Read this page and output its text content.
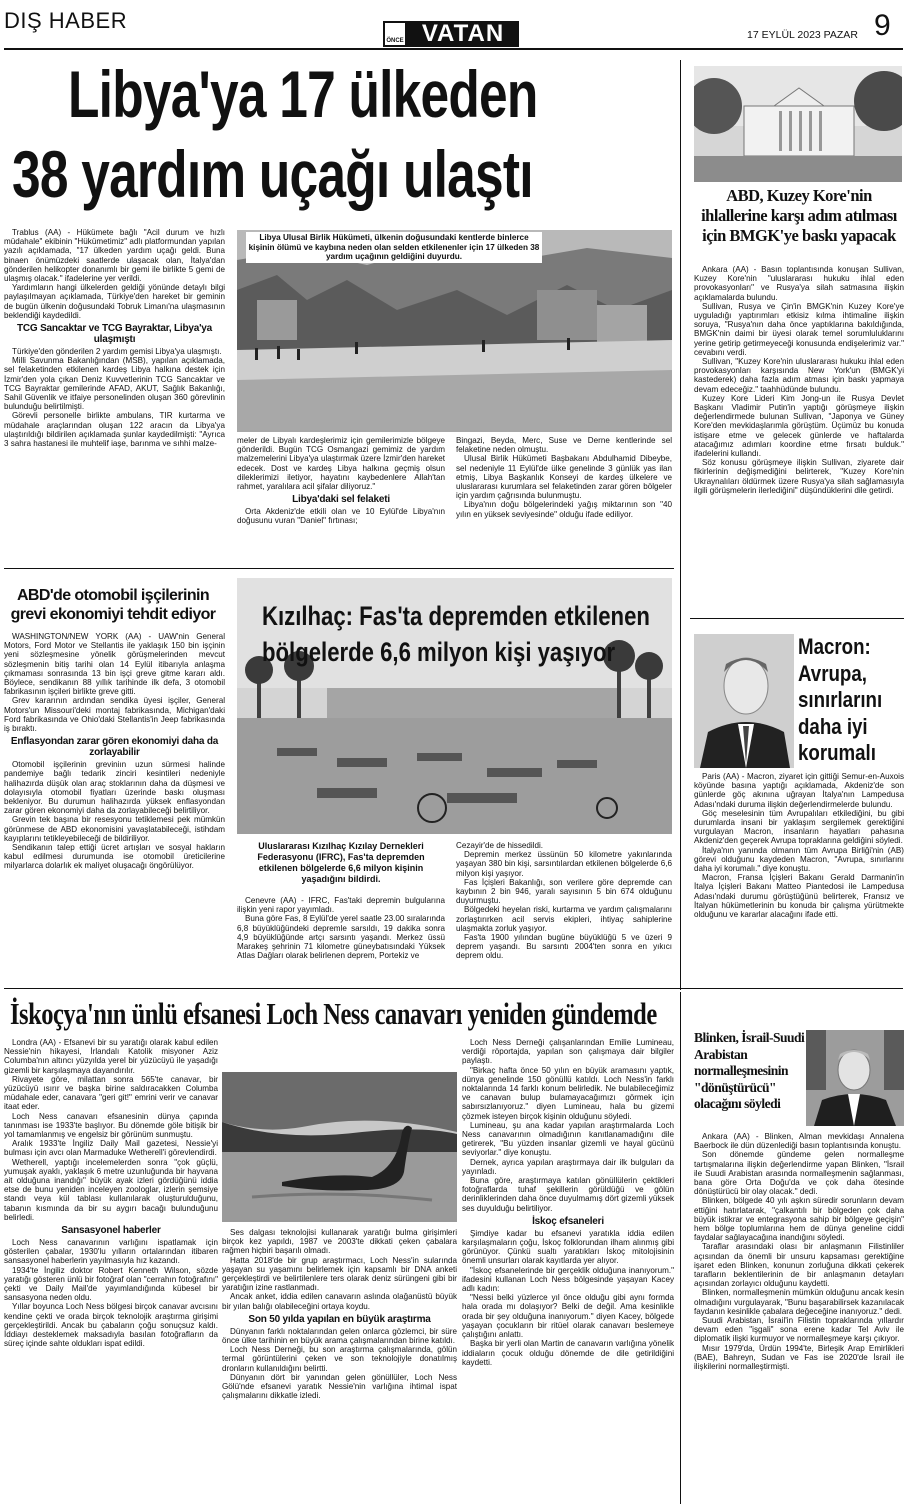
DIŞ HABER
ÖNCE VATAN	17 EYLÜL 2023 PAZAR 9
Libya'ya 17 ülkeden
38 yardım uçağı ulaştı

Trablus (AA) - Hükümete bağlı "Acil durum ve hızlı müdahale" ekibinin "Hükümetimiz" adlı platformundan yapılan yazılı açıklamada, "17 ülkeden yardım uçağı geldi. Buna binaen önümüzdeki saatlerde ulaşacak olan, İtalya'dan gönderilen helikopter donanımlı bir gemi ile birlikte 5 gemi de ulaşmış olacak." ifadelerine yer verildi.

Yardımların hangi ülkelerden geldiği yönünde detaylı bilgi paylaşılmayan açıklamada, Türkiye'den hareket bir geminin de bugün ülkenin doğusundaki Tobruk Limanı'na ulaşmasının beklendiği kaydedildi.

TCG Sancaktar ve TCG Bayraktar, Libya'ya ulaşmıştı

Türkiye'den gönderilen 2 yardım gemisi Libya'ya ulaşmıştı.

Milli Savunma Bakanlığından (MSB), yapılan açıklamada, sel felaketinden etkilenen kardeş Libya halkına destek için İzmir'den yola çıkan Deniz Kuvvetlerinin TCG Sancaktar ve TCG Bayraktar gemilerinde AFAD, AKUT, Sağlık Bakanlığı, Sahil Güvenlik ve itfaiye personelinden oluşan 360 görevlinin bulunduğu belirtilmişti.

Görevli personelle birlikte ambulans, TIR kurtarma ve müdahale araçlarından oluşan 122 aracın da Libya'ya ulaştırıldığı bildirilen açıklamada şunlar kaydedilmişti: "Ayrıca 3 sahra hastanesi ile muhtelif iaşe, barınma ve sıhhi malze-

Libya Ulusal Birlik Hükümeti, ülkenin doğusundaki kentlerde binlerce kişinin ölümü ve kaybına neden olan selden etkilenenler için 17 ülkeden 38 yardım uçağının geldiğini duyurdu.

meler de Libyalı kardeşlerimiz için gemilerimizle bölgeye gönderildi. Bugün TCG Osmangazi gemimiz de yardım malzemelerini Libya'ya ulaştırmak üzere İzmir'den hareket edecek. Dost ve kardeş Libya halkına geçmiş olsun dileklerimizi iletiyor, hayatını kaybedenlere Allah'tan rahmet, yaralılara acil şifalar diliyoruz."

Libya'daki sel felaketi

Orta Akdeniz'de etkili olan ve 10 Eylül'de Libya'nın doğusunu vuran "Daniel" fırtınası;

Bingazi, Beyda, Merc, Suse ve Derne kentlerinde sel felaketine neden olmuştu.

Ulusal Birlik Hükümeti Başbakanı Abdulhamid Dibeybe, sel nedeniyle 11 Eylül'de ülke genelinde 3 günlük yas ilan etmiş, Libya Başkanlık Konseyi de kardeş ülkelere ve uluslararası kurumlara sel felaketinden zarar gören bölgeler için yardım çağrısında bulunmuştu.

Libya'nın doğu bölgelerindeki yağış miktarının son "40 yılın en yüksek seviyesinde" olduğu ifade ediliyor.

ABD, Kuzey Kore'nin ihlallerine karşı adım atılması için BMGK'ye baskı yapacak

Ankara (AA) - Basın toplantısında konuşan Sullivan, Kuzey Kore'nin "uluslararası hukuku ihlal eden provokasyonları" ve Rusya'ya silah satmasına ilişkin açıklamalarda bulundu.

Sullivan, Rusya ve Çin'in BMGK'nin Kuzey Kore'ye uyguladığı yaptırımları etkisiz kılma ihtimaline ilişkin soruya, "Rusya'nın daha önce yaptıklarına bakıldığında, BMGK'nin daimi bir üyesi olarak temel sorumluluklarını yerine getirip getirmeyeceği konusunda endişelerimiz var." cevabını verdi.

Sullivan, "Kuzey Kore'nin uluslararası hukuku ihlal eden provokasyonları karşısında New York'un (BMGK'yi kastederek) daha fazla adım atması için baskı yapmaya devam edeceğiz." taahhüdünde bulundu.

Kuzey Kore Lideri Kim Jong-un ile Rusya Devlet Başkanı Vladimir Putin'in yaptığı görüşmeye ilişkin değerlendirmede bulunan Sullivan, "Japonya ve Güney Kore'den mevkidaşlarımla görüştüm. Üçümüz bu konuda istişare etme ve gelecek günlerde ve haftalarda atacağımız adımları koordine etme fırsatı bulduk." ifadelerini kullandı.

Söz konusu görüşmeye ilişkin Sullivan, ziyarete dair fikirlerinin değişmediğini belirterek, "Kuzey Kore'nin Ukraynalıları öldürmek üzere Rusya'ya silah sağlamasıyla ilgili görüşmelerin ilerlediğini" düşündüklerini dile getirdi.

ABD'de otomobil işçilerinin grevi ekonomiyi tehdit ediyor

WASHINGTON/NEW YORK (AA) - UAW'nin General Motors, Ford Motor ve Stellantis ile yaklaşık 150 bin işçinin yeni sözleşmesine yönelik görüşmelerinden mevcut sözleşmenin bitiş tarihi olan 14 Eylül itibarıyla anlaşma çıkmaması sonrasında 13 bin işçi greve gitme kararı aldı. Böylece, sendikanın 88 yıllık tarihinde ilk defa, 3 otomobil fabrikasının işçileri birlikte greve gitti.

Grev kararının ardından sendika üyesi işçiler, General Motors'un Missouri'deki montaj fabrikasında, Michigan'daki Ford fabrikasında ve Ohio'daki Stellantis'in Jeep fabrikasında iş bıraktı.

Enflasyondan zarar gören ekonomiyi daha da zorlayabilir

Otomobil işçilerinin greviniın uzun sürmesi halinde pandemiye bağlı tedarik zinciri kesintileri nedeniyle halihazırda düşük olan araç stoklarının daha da düşmesi ve dolayısıyla otomobil fiyatları üzerinde baskı oluşması bekleniyor. Bu durumun halihazırda yüksek enflasyondan zarar gören ekonomiyi daha da zorlayabileceği belirtiliyor.

Grevin tek başına bir resesyonu tetiklemesi pek mümkün görünmese de ABD ekonomisini yavaşlatabileceği, istihdam kayıplarını tetikleyebileceği de bildiriliyor.

Sendikanın talep ettiği ücret artışları ve sosyal hakların kabul edilmesi durumunda ise otomobil üreticilerine milyarlarca dolarlık ek maliyet oluşacağı öngörülüyor.

Kızılhaç: Fas'ta depremden etkilenen
bölgelerde 6,6 milyon kişi yaşıyor
Uluslararası Kızılhaç Kızılay Dernekleri Federasyonu (IFRC), Fas'ta depremden etkilenen bölgelerde 6,6 milyon kişinin yaşadığını bildirdi.

Cenevre (AA) - IFRC, Fas'taki depremin bulgularına ilişkin yeni rapor yayımladı.

Buna göre Fas, 8 Eylül'de yerel saatle 23.00 sıralarında 6,8 büyüklüğündeki depremle sarsıldı, 19 dakika sonra 4,9 büyüklüğünde artçı sarsıntı yaşandı. Merkez üssü Marakeş şehrinin 71 kilometre güneybatısındaki Yüksek Atlas Dağları olarak belirlenen deprem, Portekiz ve

Cezayir'de de hissedildi.

Depremin merkez üssünün 50 kilometre yakınlarında yaşayan 380 bin kişi, sarsıntılardan etkilenen bölgelerde 6,6 milyon kişi yaşıyor.

Fas İçişleri Bakanlığı, son verilere göre depremde can kaybının 2 bin 946, yaralı sayısının 5 bin 674 olduğunu duyurmuştu.

Bölgedeki heyelan riski, kurtarma ve yardım çalışmalarını zorlaştırırken acil servis ekipleri, ihtiyaç sahiplerine ulaşmakta zorluk yaşıyor.

Fas'ta 1900 yılından bugüne büyüklüğü 5 ve üzeri 9 deprem yaşandı. Bu sarsıntı 2004'ten sonra en yıkıcı deprem oldu.

Macron: Avrupa, sınırlarını daha iyi korumalı

Paris (AA) - Macron, ziyaret için gittiği Semur-en-Auxois köyünde basına yaptığı açıklamada, Akdeniz'de son günlerde göç akınına uğrayan İtalya'nın Lampedusa Adası'ndaki duruma ilişkin değerlendirmelerde bulundu.

Göç meselesinin tüm Avrupalıları etkilediğini, bu gibi durumlarda insani bir yaklaşım sergilemek gerektiğini vurgulayan Macron, insanların hayatları pahasına Akdeniz'den geçerek Avrupa topraklarına geldiğini söyledi.

İtalya'nın yanında olmanın tüm Avrupa Birliği'nin (AB) görevi olduğunu kaydeden Macron, "Avrupa, sınırlarını daha iyi korumalı." diye konuştu.

Macron, Fransa İçişleri Bakanı Gerald Darmanin'in İtalya İçişleri Bakanı Matteo Piantedosi ile Lampedusa Adası'ndaki durumu görüştüğünü belirterek, Fransız ve İtalyan hükümetlerinin bu konuda bir çalışma yürütmekte olduğunu ve kararlar alacağını ifade etti.

İskoçya'nın ünlü efsanesi Loch Ness canavarı yeniden gündemde

Londra (AA) - Efsanevi bir su yaratığı olarak kabul edilen Nessie'nin hikayesi, İrlandalı Katolik misyoner Aziz Columba'nın altıncı yüzyılda yerel bir yüzücüyü ile yaşadığı gizemli bir karşılaşmaya dayandırılır.

Rivayete göre, milattan sonra 565'te canavar, bir yüzücüyü ısırır ve başka birine saldıracakken Columba müdahale eder, canavara "geri git!" emrini verir ve canavar itaat eder.

Loch Ness canavarı efsanesinin dünya çapında tanınması ise 1933'te başlıyor. Bu dönemde göle bitişik bir yol tamamlanmış ve engelsiz bir görünüm sunmuştu.

Aralık 1933'te İngiliz Daily Mail gazetesi, Nessie'yi bulması için avcı olan Marmaduke Wetherell'i görevlendirdi.

Wetherell, yaptığı incelemelerden sonra "çok güçlü, yumuşak ayaklı, yaklaşık 6 metre uzunluğunda bir hayvana ait olduğuna inandığı" büyük ayak izleri gördüğünü iddia etse de bunu yeniden inceleyen zoologlar, izlerin şemsiye standı veya kül tablası kullanılarak oluşturulduğunu, tabanın kısmında da bir su aygırı bacağı bulunduğunu belirledi.

Sansasyonel haberler

Loch Ness canavarının varlığını ispatlamak için gösterilen çabalar, 1930'lu yılların ortalarından itibaren sansasyonel haberlerin yayılmasıyla hız kazandı.

1934'te İngiliz doktor Robert Kenneth Wilson, sözde yaratığı gösteren ünlü bir fotoğraf olan "cerrahın fotoğrafını" çekti ve Daily Mail'de yayımlandığında kübesel bir sansasyona neden oldu.

Yıllar boyunca Loch Ness bölgesi birçok canavar avcısını kendine çekti ve orada birçok teknolojik araştırma girişimi gerçekleştirildi. Ancak bu çabaların çoğu sonuçsuz kaldı. İddiayı desteklemek maksadıyla basılan fotoğrafların da süreç içinde sahte oldukları ispat edildi.

Ses dalgası teknolojisi kullanarak yaratığı bulma girişimleri birçok kez yapıldı, 1987 ve 2003'te dikkati çeken çabalara rağmen hiçbiri başarılı olmadı.

Hatta 2018'de bir grup araştırmacı, Loch Ness'in sularında yaşayan su yaşamını belirlemek için kapsamlı bir DNA anketi gerçekleştirdi ve belirtilenlere ters olarak deniz sürüngeni gibi bir yaratığın izine rastlanmadı.

Ancak anket, iddia edilen canavarın aslında olağanüstü büyük bir yılan balığı olabileceğini ortaya koydu.

Son 50 yılda yapılan en büyük araştırma

Dünyanın farklı noktalarından gelen onlarca gözlemci, bir süre önce ülke tarihinin en büyük arama çalışmalarından birine katıldı.

Loch Ness Derneği, bu son araştırma çalışmalarında, gölün termal görüntülerini çeken ve son teknolojiyle donatılmış dronların kullanıldığını belirtti.

Dünyanın dört bir yanından gelen gönüllüler, Loch Ness Gölü'nde efsanevi yaratık Nessie'nin varlığına ihtimal ispat çalışmalarını dikkatle izledi.

Loch Ness Derneği çalışanlarından Emilie Lumineau, verdiği röportajda, yapılan son çalışmaya dair bilgiler paylaştı.

"Birkaç hafta önce 50 yılın en büyük aramasını yaptık, dünya genelinde 150 gönüllü katıldı. Loch Ness'in farklı noktalarında 14 farklı konum belirledik. Ne bulabileceğimiz ve canavan bulup bulamayacağımızı görmek için sabırsızlanıyoruz." diyen Lumineau, hala bu gizemi çözmek isteyen birçok kişinin olduğunu söyledi.

Lumineau, şu ana kadar yapılan araştırmalarda Loch Ness canavarının olmadığının kanıtlanamadığını dile getirerek, "Bu yüzden insanlar gizemli ve hayal gücünü seviyorlar." diye konuştu.

Dernek, ayrıca yapılan araştırmaya dair ilk bulguları da yayınladı.

Buna göre, araştırmaya katılan gönüllülerin çektikleri fotoğraflarda tuhaf şekillerin görüldüğü ve gölün derinliklerinden daha önce duyulmamış dört gizemli yüksek ses duyulduğu belirtiliyor.

İskoç efsaneleri

Şimdiye kadar bu efsanevi yaratıkla iddia edilen karşılaşmaların çoğu, İskoç folklorundan ilham alınmış gibi görünüyor. Çünkü sualtı yaratıkları İskoç mitolojisinin önemli unsurları olarak kayıtlarda yer alıyor.

"İskoç efsanelerinde bir gerçeklik olduğuna inanıyorum." ifadesini kullanan Loch Ness bölgesinde yaşayan Kacey adlı kadın:

"Nessi belki yüzlerce yıl önce olduğu gibi aynı formda hala orada mı dolaşıyor? Belki de değil. Ama kesinlikle orada bir şey olduğuna inanıyorum." diyen Kacey, bölgede yaşayan çocukların bir ritüel olarak canavarı beslemeye çalıştığını anlattı.

Başka bir yerli olan Martin de canavarın varlığına yönelik iddiaların çocuk olduğu dönemde de dile getirildiğini kaydetti.

Blinken, İsrail-Suudi Arabistan normalleşmesinin "dönüştürücü" olacağını söyledi

Ankara (AA) - Blinken, Alman mevkidaşı Annalena Baerbock ile dün düzenlediği basın toplantısında konuştu.

Son dönemde gündeme gelen normalleşme tartışmalarına ilişkin değerlendirme yapan Blinken, "İsrail ile Suudi Arabistan arasında normalleşmenin sağlanması, bana göre Orta Doğu'da ve çok daha ötesinde dönüştürücü bir olay olacak." dedi.

Blinken, bölgede 40 yılı aşkın süredir sorunların devam ettiğini hatırlatarak, "çalkantılı bir bölgeden çok daha büyük istikrar ve entegrasyona sahip bir bölgeye geçişin" hem bölge toplumlarına hem de dünya geneline ciddi faydalar sağlayacağına inandığını söyledi.

Taraflar arasındaki olası bir anlaşmanın Filistinliler açısından da önemli bir unsuru kapsaması gerektiğine işaret eden Blinken, konunun zorluğuna dikkati çekerek tarafların beklentilerinin de bir anlaşmanın detayları açısından zorlayıcı olduğunu kaydetti.

Blinken, normalleşmenin mümkün olduğunu ancak kesin olmadığını vurgulayarak, "Bunu başarabilirsek kazanılacak faydanın kesinlikle çabalara değeceğine inanıyoruz." dedi.

Suudi Arabistan, İsrail'in Filistin topraklarında yıllardır devam eden "işgali" sona erene kadar Tel Aviv ile diplomatik ilişki kurmuyor ve normalleşmeye karşı çıkıyor.

Mısır 1979'da, Ürdün 1994'te, Birleşik Arap Emirlikleri (BAE), Bahreyn, Sudan ve Fas ise 2020'de İsrail ile ilişkilerini normalleştirmişti.
